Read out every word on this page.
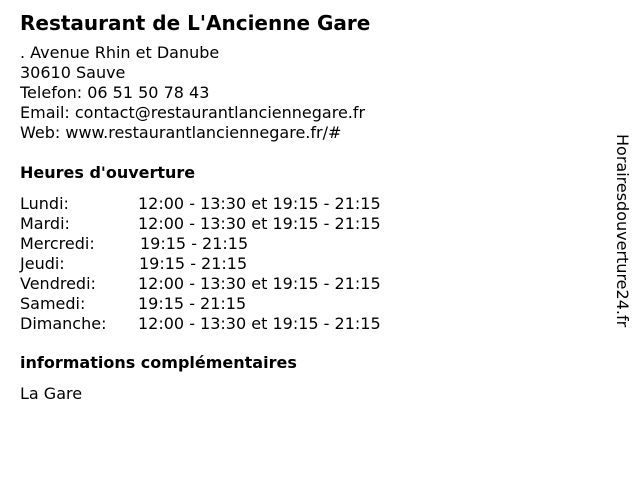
Restaurant de L'Ancienne Gare
. Avenue Rhin et Danube
30610 Sauve
Telefon: 06 51 50 78 43
Email: contact@restaurantlanciennegare.fr
Web: www.restaurantlanciennegare.fr/#
Heures d'ouverture
Lundi:	12:00 - 13:30 et 19:15 - 21:15
Mardi:	12:00 - 13:30 et 19:15 - 21:15
Mercredi:	19:15 - 21:15
Jeudi:	19:15 - 21:15
Vendredi:	12:00 - 13:30 et 19:15 - 21:15
Samedi:	19:15 - 21:15
Dimanche: 12:00 - 13:30 et 19:15 - 21:15
informations complémentaires
La Gare
Horairesdouverture24.fr
